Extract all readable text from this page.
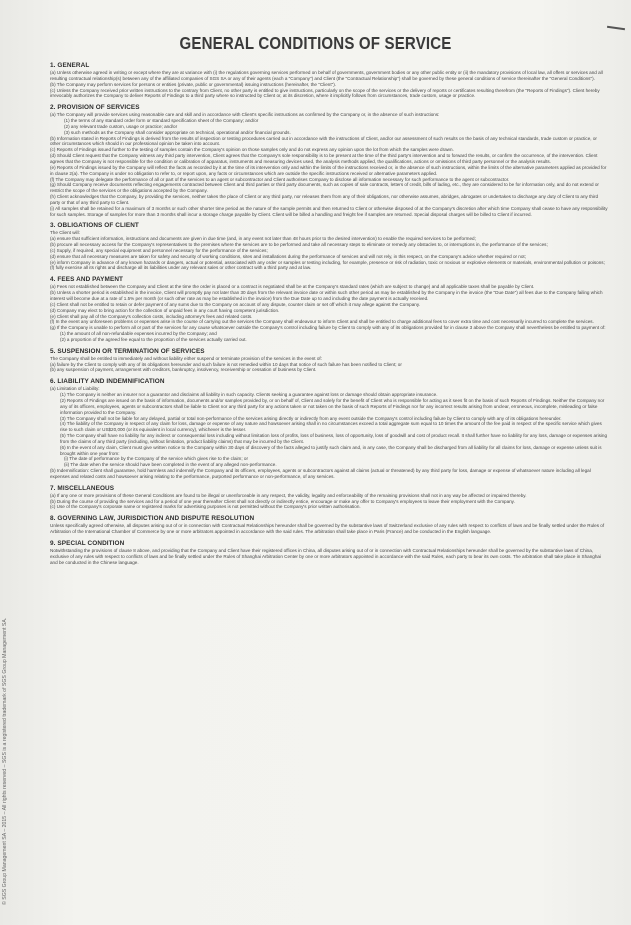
GENERAL CONDITIONS OF SERVICE
© SGS Group Management SA – 2015 – All rights reserved – SGS is a registered trademark of SGS Group Management SA.
1. GENERAL
(a) Unless otherwise agreed in writing or except where they are at variance with (i) the regulations governing services performed on behalf of governments, government bodies or any other public entity or (ii) the mandatory provisions of local law, all offers or services and all resulting contractual relationship(s) between any of the affiliated companies of SGS SA or any of their agents (each a "Company") and Client (the "Contractual Relationship") shall be governed by these general conditions of service thereinafter the "General Conditions").
(b) The Company may perform services for persons or entities (private, public or governmental) issuing instructions (hereinafter, the "Client").
(c) Unless the Company received prior written instructions to the contrary from Client, no other party is entitled to give instructions, particularly on the scope of the services or the delivery of reports or certificates resulting therefrom (the "Reports of Findings"). Client hereby irrevocably authorizes the Company to deliver Reports of Findings to a third party where so instructed by Client or, at its discretion, where it implicitly follows from circumstances, trade custom, usage or practice.
2. PROVISION OF SERVICES
(a) The Company will provide services using reasonable care and skill and in accordance with Client's specific instructions as confirmed by the Company or, in the absence of such instructions:
(1) the terms of any standard order form or standard specification sheet of the Company; and/or
(2) any relevant trade custom, usage or practice; and/or
(3) such methods as the Company shall consider appropriate on technical, operational and/or financial grounds.
(b) Information stated in Reports of Findings is derived from the results of inspection or testing procedures carried out in accordance with the instructions of Client, and/or our assessment of such results on the basis of any technical standards, trade custom or practice, or other circumstances which should in our professional opinion be taken into account.
(c) Reports of Findings issued further to the testing of samples contain the Company's opinion on those samples only and do not express any opinion upon the lot from which the samples were drawn.
(d) Should Client request that the Company witness any third party intervention, Client agrees that the Company's sole responsibility is to be present at the time of the third party's intervention and to forward the results, or confirm the occurrence, of the intervention. Client agrees that the Company is not responsible for the condition or calibration of apparatus, instruments and measuring devices used, the analysis methods applied, the qualifications, actions or omissions of third party personnel or the analysis results.
(e) Reports of Findings issued by the Company will reflect the facts as recorded by it at the time of its intervention only and within the limits of the instructions received or, in the absence of such instructions, within the limits of the alternative parameters applied as provided for in clause 2(a). The Company is under no obligation to refer to, or report upon, any facts or circumstances which are outside the specific instructions received or alternative parameters applied.
(f) The Company may delegate the performance of all or part of the services to an agent or subcontractor and Client authorises Company to disclose all information necessary for such performance to the agent or subcontractor.
(g) Should Company receive documents reflecting engagements contracted between Client and third parties or third party documents, such as copies of sale contracts, letters of credit, bills of lading, etc., they are considered to be for information only, and do not extend or restrict the scope of the services or the obligations accepted by the Company.
(h) Client acknowledges that the Company, by providing the services, neither takes the place of Client or any third party, nor releases them from any of their obligations, nor otherwise assumes, abridges, abrogates or undertakes to discharge any duty of Client to any third party or that of any third party to Client.
(i) All samples shall be retained for a maximum of 3 months or such other shorter time period as the nature of the sample permits and then returned to Client or otherwise disposed of at the Company's discretion after which time Company shall cease to have any responsibility for such samples. Storage of samples for more than 3 months shall incur a storage charge payable by Client. Client will be billed a handling and freight fee if samples are returned. Special disposal charges will be billed to Client if incurred.
3. OBLIGATIONS OF CLIENT
The Client will:
(a) ensure that sufficient information, instructions and documents are given in due time (and, in any event not later than 48 hours prior to the desired intervention) to enable the required services to be performed;
(b) procure all necessary access for the Company's representatives to the premises where the services are to be performed and take all necessary steps to eliminate or remedy any obstacles to, or interruptions in, the performance of the services;
(c) Supply, if required, any special equipment and personnel necessary for the performance of the services;
(d) ensure that all necessary measures are taken for safety and security of working conditions, sites and installations during the performance of services and will not rely, in this respect, on the Company's advice whether required or not;
(e) inform Company in advance of any known hazards or dangers, actual or potential, associated with any order or samples or testing including, for example, presence or risk of radiation, toxic or noxious or explosive elements or materials, environmental pollution or poisons;
(f) fully exercise all its rights and discharge all its liabilities under any relevant sales or other contract with a third party and at law.
4. FEES AND PAYMENT
(a) Fees not established between the Company and Client at the time the order is placed or a contract is negotiated shall be at the Company's standard rates (which are subject to change) and all applicable taxes shall be payable by Client.
(b) Unless a shorter period is established in the invoice, Client will promptly pay not later than 30 days from the relevant invoice date or within such other period as may be established by the Company in the invoice (the "Due Date") all fees due to the Company failing which interest will become due at a rate of 1.5% per month (or such other rate as may be established in the invoice) from the Due Date up to and including the date payment is actually received.
(c) Client shall not be entitled to retain or defer payment of any sums due to the Company on account of any dispute, counter claim or set off which it may allege against the Company.
(d) Company may elect to bring action for the collection of unpaid fees in any court having competent jurisdiction.
(e) Client shall pay all of the Company's collection costs, including attorney's fees and related costs.
(f) In the event any unforeseen problems or expenses arise in the course of carrying out the services the Company shall endeavour to inform Client and shall be entitled to charge additional fees to cover extra time and cost necessarily incurred to complete the services.
(g) If the Company is unable to perform all or part of the services for any cause whatsoever outside the Company's control including failure by Client to comply with any of its obligations provided for in clause 3 above the Company shall nevertheless be entitled to payment of:
(1) the amount of all non-refundable expenses incurred by the Company; and
(2) a proportion of the agreed fee equal to the proportion of the services actually carried out.
5. SUSPENSION OR TERMINATION OF SERVICES
The Company shall be entitled to immediately and without liability either suspend or terminate provision of the services in the event of:
(a) failure by the Client to comply with any of its obligations hereunder and such failure is not remedied within 10 days that notice of such failure has been notified to Client; or
(b) any suspension of payment, arrangement with creditors, bankruptcy, insolvency, receivership or cessation of business by Client.
6. LIABILITY AND INDEMNIFICATION
(a) Limitation of Liability:
(1) The Company is neither an insurer nor a guarantor and disclaims all liability in such capacity. Clients seeking a guarantee against loss or damage should obtain appropriate insurance.
(2) Reports of Findings are issued on the basis of information, documents and/or samples provided by, or on behalf of, Client and solely for the benefit of Client who is responsible for acting as it sees fit on the basis of such Reports of Findings. Neither the Company nor any of its officers, employees, agents or subcontractors shall be liable to Client nor any third party for any actions taken or not taken on the basis of such Reports of Findings nor for any incorrect results arising from unclear, erroneous, incomplete, misleading or false information provided to the Company.
(3) The Company shall not be liable for any delayed, partial or total non-performance of the services arising directly or indirectly from any event outside the Company's control including failure by Client to comply with any of its obligations hereunder.
(4) The liability of the Company in respect of any claim for loss, damage or expense of any nature and howsoever arising shall in no circumstances exceed a total aggregate sum equal to 10 times the amount of the fee paid in respect of the specific service which gives rise to such claim or US$20,000 (or its equivalent in local currency), whichever is the lesser.
(5) The Company shall have no liability for any indirect or consequential loss including without limitation loss of profits, loss of business, loss of opportunity, loss of goodwill and cost of product recall. It shall further have no liability for any loss, damage or expenses arising from the claims of any third party (including, without limitation, product liability claims) that may be incurred by the Client.
(6) In the event of any claim, Client must give written notice to the Company within 30 days of discovery of the facts alleged to justify such claim and, in any case, the Company shall be discharged from all liability for all claims for loss, damage or expense unless suit is brought within one year from:
(i) The date of performance by the Company of the service which gives rise to the claim; or
(ii) The date when the service should have been completed in the event of any alleged non-performance.
(b) Indemnification: Client shall guarantee, hold harmless and indemnify the Company and its officers, employees, agents or subcontractors against all claims (actual or threatened) by any third party for loss, damage or expense of whatsoever nature including all legal expenses and related costs and howsoever arising relating to the performance, purported performance or non-performance, of any services.
7. MISCELLANEOUS
(a) If any one or more provisions of these General Conditions are found to be illegal or unenforceable in any respect, the validity, legality and enforceability of the remaining provisions shall not in any way be affected or impaired thereby.
(b) During the course of providing the services and for a period of one year thereafter Client shall not directly or indirectly entice, encourage or make any offer to Company's employees to leave their employment with the Company.
(c) Use of the Company's corporate name or registered marks for advertising purposes is not permitted without the Company's prior written authorisation.
8. GOVERNING LAW, JURISDICTION AND DISPUTE RESOLUTION
Unless specifically agreed otherwise, all disputes arising out of or in connection with Contractual Relationships hereunder shall be governed by the substantive laws of Switzerland exclusive of any rules with respect to conflicts of laws and be finally settled under the Rules of Arbitration of the International Chamber of Commerce by one or more arbitrators appointed in accordance with the said rules. The arbitration shall take place in Paris (France) and be conducted in the English language.
9. SPECIAL CONDITION
Notwithstanding the provisions of clause 8 above, and providing that the Company and Client have their registered offices in China, all disputes arising out of or in connection with Contractual Relationships hereunder shall be governed by the substantive laws of China, exclusive of any rules with respect to conflicts of laws and be finally settled under the Rules of Shanghai Arbitration Center by one or more arbitrators appointed in accordance with the said Rules, each party to bear its own costs. The arbitration shall take place in Shanghai and be conducted in the Chinese language.
